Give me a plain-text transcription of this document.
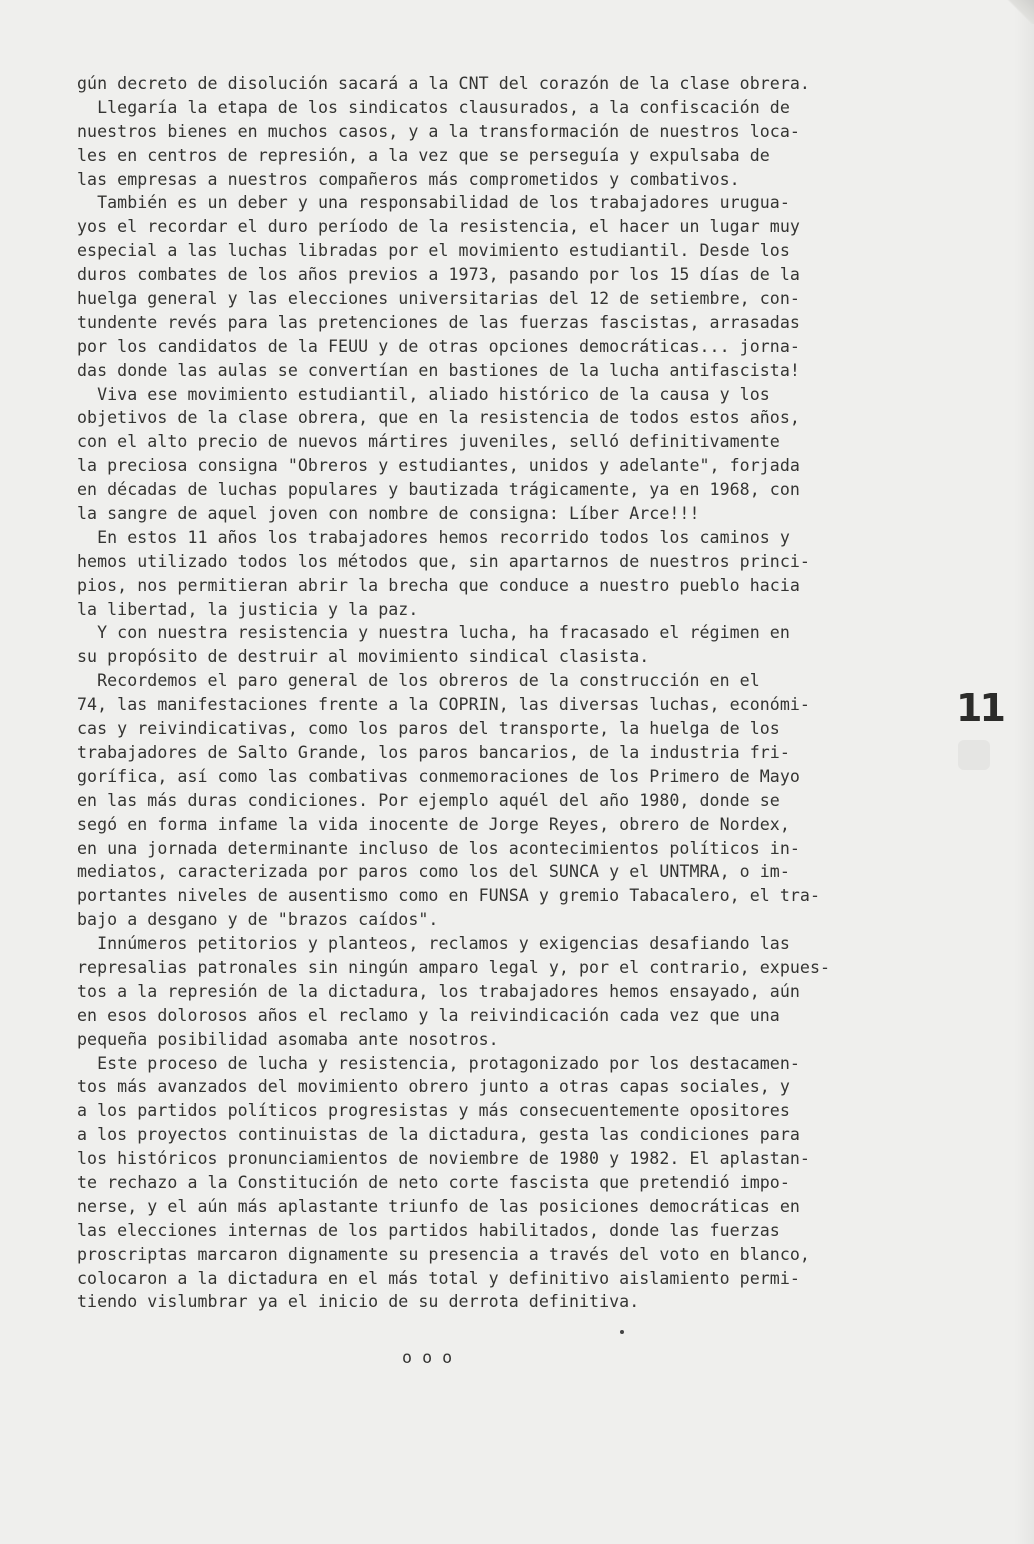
gún decreto de disolución sacará a la CNT del corazón de la clase obrera.
Llegaría la etapa de los sindicatos clausurados, a la confiscación de
nuestros bienes en muchos casos, y a la transformación de nuestros loca-
les en centros de represión, a la vez que se perseguía y expulsaba de
las empresas a nuestros compañeros más comprometidos y combativos.
También es un deber y una responsabilidad de los trabajadores urugua-
yos el recordar el duro período de la resistencia, el hacer un lugar muy
especial a las luchas libradas por el movimiento estudiantil. Desde los
duros combates de los años previos a 1973, pasando por los 15 días de la
huelga general y las elecciones universitarias del 12 de setiembre, con-
tundente revés para las pretenciones de las fuerzas fascistas, arrasadas
por los candidatos de la FEUU y de otras opciones democráticas... jorna-
das donde las aulas se convertían en bastiones de la lucha antifascista!
Viva ese movimiento estudiantil, aliado histórico de la causa y los
objetivos de la clase obrera, que en la resistencia de todos estos años,
con el alto precio de nuevos mártires juveniles, selló definitivamente
la preciosa consigna "Obreros y estudiantes, unidos y adelante", forjada
en décadas de luchas populares y bautizada trágicamente, ya en 1968, con
la sangre de aquel joven con nombre de consigna: Líber Arce!!!
En estos 11 años los trabajadores hemos recorrido todos los caminos y
hemos utilizado todos los métodos que, sin apartarnos de nuestros princi-
pios, nos permitieran abrir la brecha que conduce a nuestro pueblo hacia
la libertad, la justicia y la paz.
Y con nuestra resistencia y nuestra lucha, ha fracasado el régimen en
su propósito de destruir al movimiento sindical clasista.
Recordemos el paro general de los obreros de la construcción en el
74, las manifestaciones frente a la COPRIN, las diversas luchas, económi-
cas y reivindicativas, como los paros del transporte, la huelga de los
trabajadores de Salto Grande, los paros bancarios, de la industria fri-
gorífica, así como las combativas conmemoraciones de los Primero de Mayo
en las más duras condiciones. Por ejemplo aquél del año 1980, donde se
segó en forma infame la vida inocente de Jorge Reyes, obrero de Nordex,
en una jornada determinante incluso de los acontecimientos políticos in-
mediatos, caracterizada por paros como los del SUNCA y el UNTMRA, o im-
portantes niveles de ausentismo como en FUNSA y gremio Tabacalero, el tra-
bajo a desgano y de "brazos caídos".
Innúmeros petitorios y planteos, reclamos y exigencias desafiando las
represalias patronales sin ningún amparo legal y, por el contrario, expues-
tos a la represión de la dictadura, los trabajadores hemos ensayado, aún
en esos dolorosos años el reclamo y la reivindicación cada vez que una
pequeña posibilidad asomaba ante nosotros.
Este proceso de lucha y resistencia, protagonizado por los destacamen-
tos más avanzados del movimiento obrero junto a otras capas sociales, y
a los partidos políticos progresistas y más consecuentemente opositores
a los proyectos continuistas de la dictadura, gesta las condiciones para
los históricos pronunciamientos de noviembre de 1980 y 1982. El aplastan-
te rechazo a la Constitución de neto corte fascista que pretendió impo-
nerse, y el aún más aplastante triunfo de las posiciones democráticas en
las elecciones internas de los partidos habilitados, donde las fuerzas
proscriptas marcaron dignamente su presencia a través del voto en blanco,
colocaron a la dictadura en el más total y definitivo aislamiento permi-
tiendo vislumbrar ya el inicio de su derrota definitiva.
o o o
11
